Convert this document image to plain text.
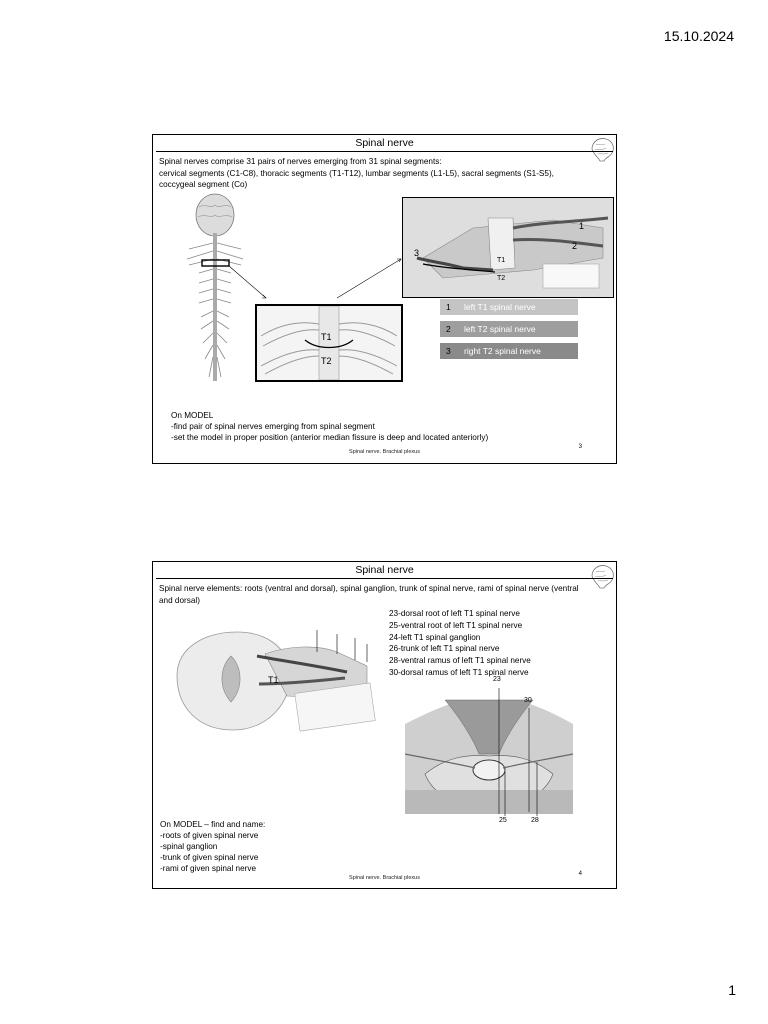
15.10.2024
Spinal nerve
Spinal nerves comprise 31 pairs of nerves emerging from 31 spinal segments:
cervical segments (C1-C8), thoracic segments (T1-T12), lumbar segments (L1-L5), sacral segments (S1-S5), coccygeal segment (Co)
T1
T2
1
2
3
T1
T2
1 left T1 spinal nerve
2 left T2 spinal nerve
3 right T2 spinal nerve
On MODEL
-find pair of spinal nerves emerging from spinal segment
-set the model in proper position (anterior median fissure is deep and located anteriorly)
Spinal nerve. Brachial plexus
3
Spinal nerve
Spinal nerve elements: roots (ventral and dorsal), spinal ganglion, trunk of spinal nerve, rami of spinal nerve (ventral and dorsal)
23-dorsal root of left T1 spinal nerve
25-ventral root of left T1 spinal nerve
24-left T1 spinal ganglion
26-trunk of left T1 spinal nerve
28-ventral ramus of left T1 spinal nerve
30-dorsal ramus of left T1 spinal nerve
T1	23
30
25	28
On MODEL – find and name:
-roots of given spinal nerve
-spinal ganglion
-trunk of given spinal nerve
-rami of given spinal nerve
Spinal nerve. Brachial plexus
4
1
